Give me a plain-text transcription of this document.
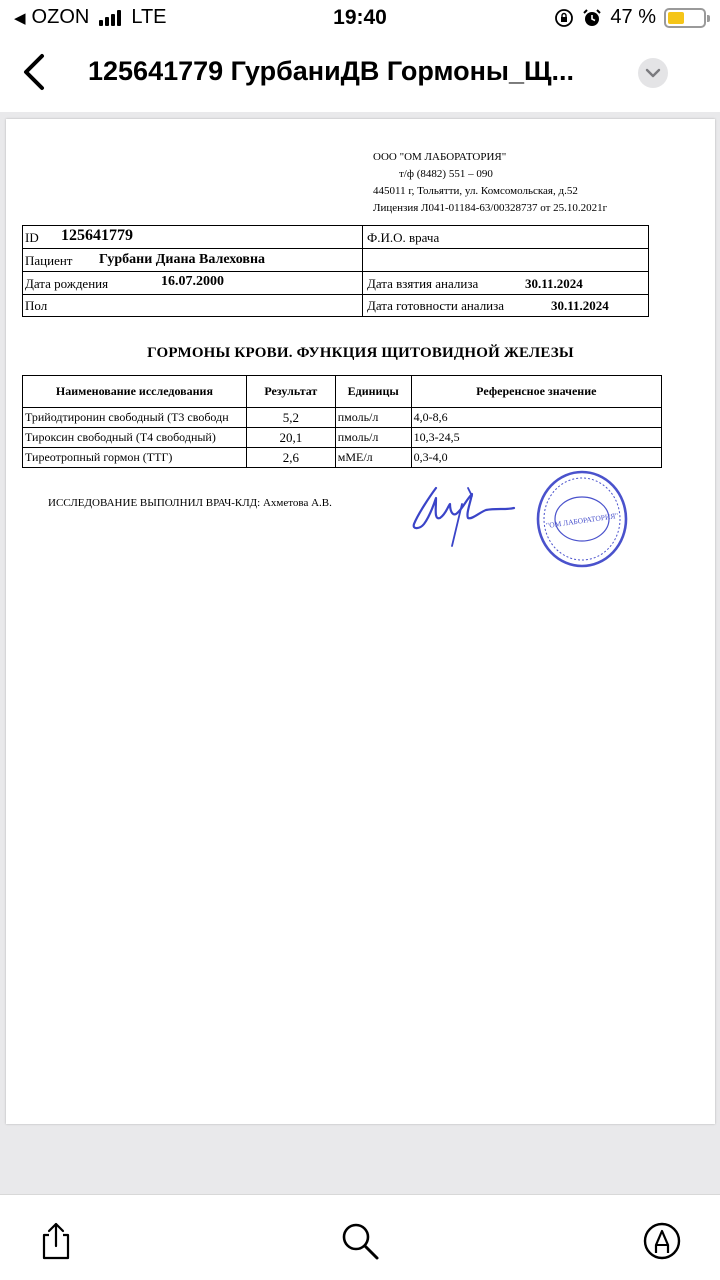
◀ OZON LTE	19:40	47 %
125641779 ГурбаниДВ Гормоны_Щ...
ООО "ОМ ЛАБОРАТОРИЯ"
т/ф (8482) 551 – 090
445011 г, Тольятти, ул. Комсомольская, д.52
Лицензия Л041-01184-63/00328737 от 25.10.2021г
ID 125641779	Ф.И.О. врача
Пациент Гурбани Диана Валеховна
Дата рождения	16.07.2000	Дата взятия анализа	30.11.2024
Пол	Дата готовности анализа	30.11.2024
ГОРМОНЫ КРОВИ. ФУНКЦИЯ ЩИТОВИДНОЙ ЖЕЛЕЗЫ
Наименование исследования	Результат	Единицы	Референсное значение
Трийодтиронин свободный (Т3 свободн	5,2	пмоль/л	4,0-8,6
Тироксин свободный (Т4 свободный)	20,1	пмоль/л	10,3-24,5
Тиреотропный гормон (ТТГ)	2,6	мМЕ/л	0,3-4,0
ИССЛЕДОВАНИЕ ВЫПОЛНИЛ ВРАЧ-КЛД: Ахметова А.В.
"ОМ ЛАБОРАТОРИЯ"
